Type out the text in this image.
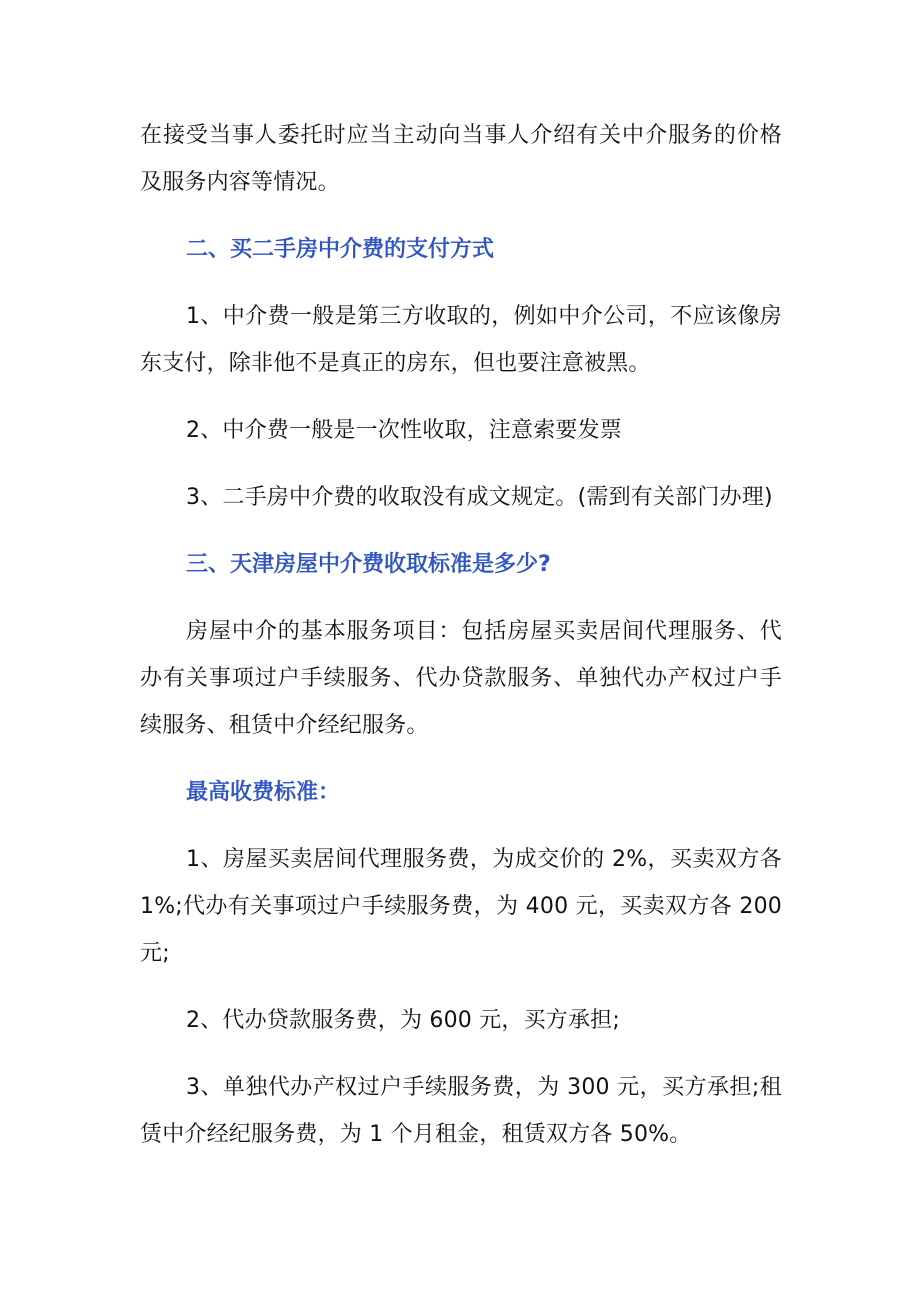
在接受当事人委托时应当主动向当事人介绍有关中介服务的价格及服务内容等情况。

二、买二手房中介费的支付方式

1、中介费一般是第三方收取的，例如中介公司，不应该像房东支付，除非他不是真正的房东，但也要注意被黑。

2、中介费一般是一次性收取，注意索要发票

3、二手房中介费的收取没有成文规定。(需到有关部门办理)

三、天津房屋中介费收取标准是多少?

房屋中介的基本服务项目：包括房屋买卖居间代理服务、代办有关事项过户手续服务、代办贷款服务、单独代办产权过户手续服务、租赁中介经纪服务。

最高收费标准：

1、房屋买卖居间代理服务费，为成交价的 2%，买卖双方各 1%;代办有关事项过户手续服务费，为 400 元，买卖双方各 200 元;

2、代办贷款服务费，为 600 元，买方承担;

3、单独代办产权过户手续服务费，为 300 元，买方承担;租赁中介经纪服务费，为 1 个月租金，租赁双方各 50%。
